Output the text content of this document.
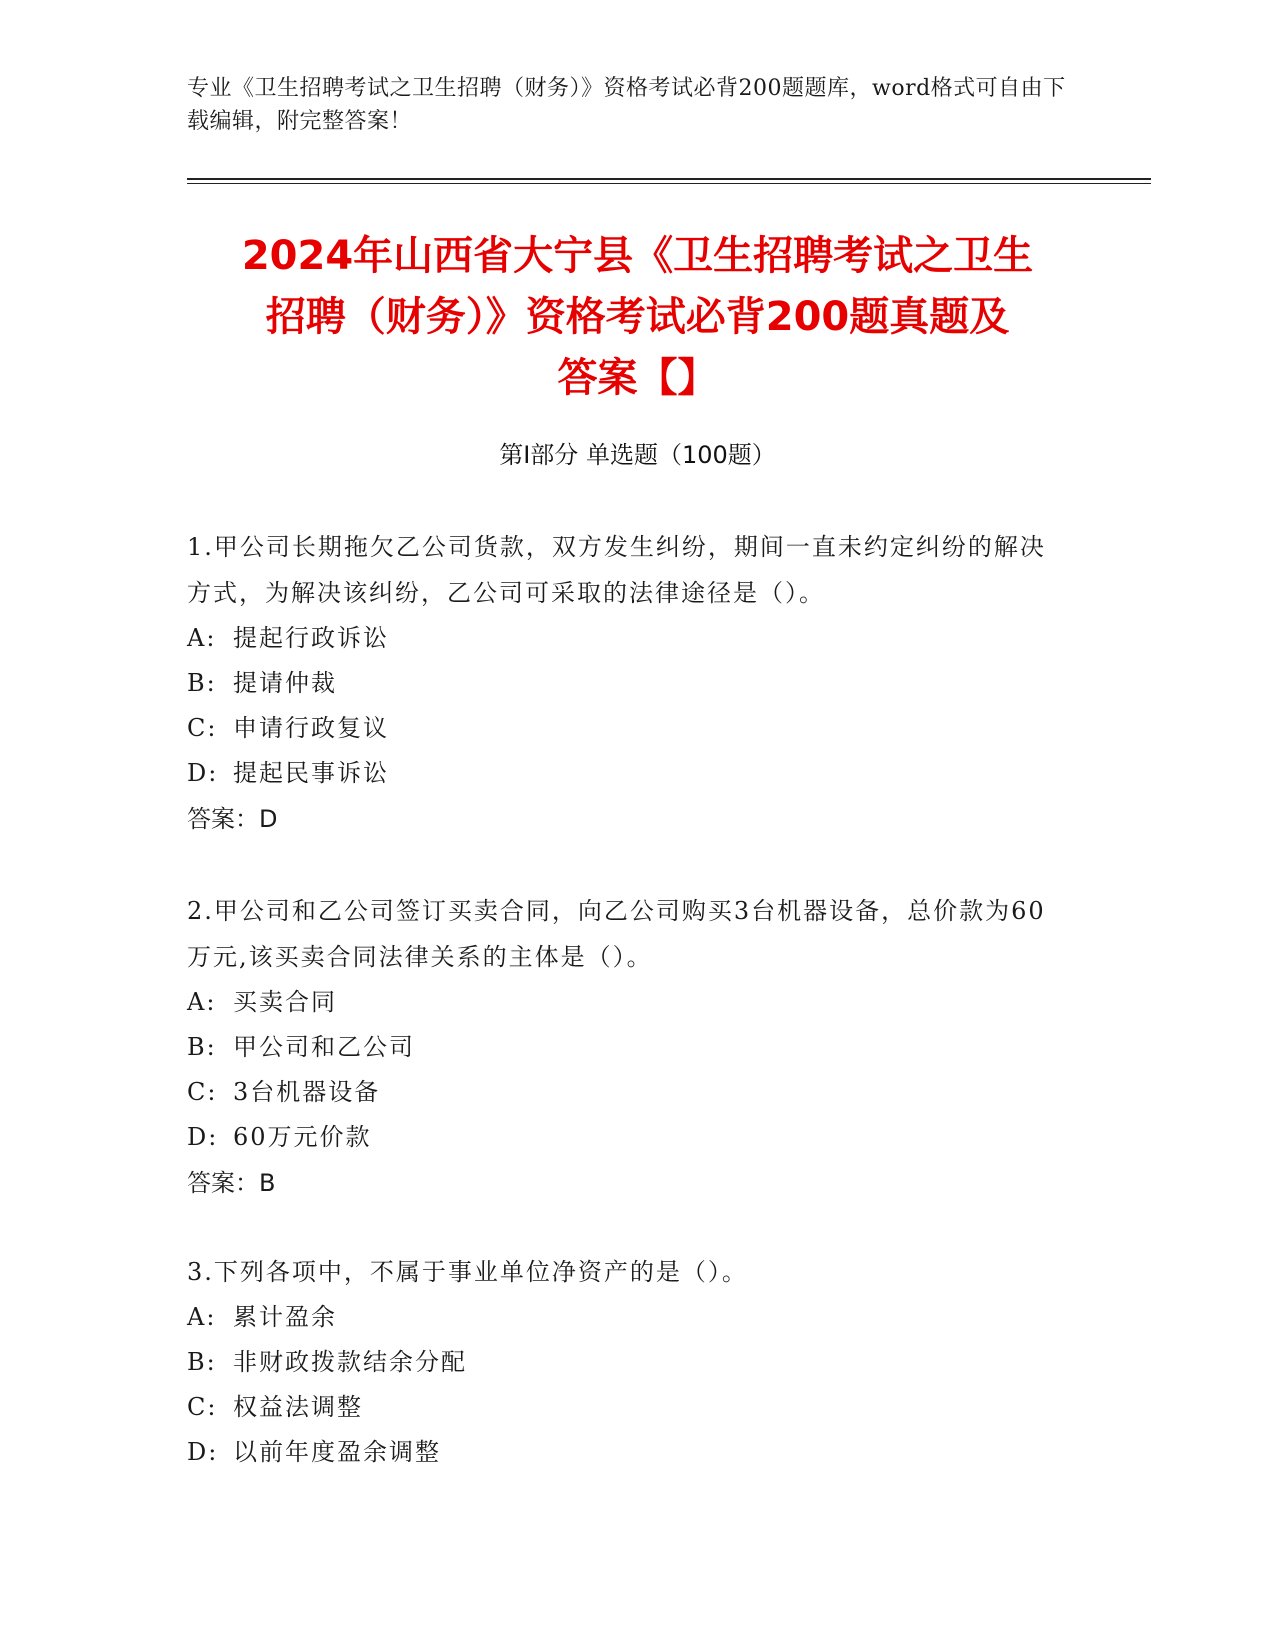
专业《卫生招聘考试之卫生招聘（财务）》资格考试必背200题题库，word格式可自由下载编辑，附完整答案！
2024年山西省大宁县《卫生招聘考试之卫生
招聘（财务）》资格考试必背200题真题及
答案【】
第Ⅰ部分 单选题（100题）

1.甲公司长期拖欠乙公司货款，双方发生纠纷，期间一直未约定纠纷的解决方式，为解决该纠纷，乙公司可采取的法律途径是（）。

A: 提起行政诉讼

B: 提请仲裁

C: 申请行政复议

D: 提起民事诉讼

答案：D

2.甲公司和乙公司签订买卖合同，向乙公司购买3台机器设备，总价款为60万元,该买卖合同法律关系的主体是（）。

A: 买卖合同

B: 甲公司和乙公司

C: 3台机器设备

D: 60万元价款

答案：B

3.下列各项中，不属于事业单位净资产的是（）。

A: 累计盈余

B: 非财政拨款结余分配

C: 权益法调整

D: 以前年度盈余调整
